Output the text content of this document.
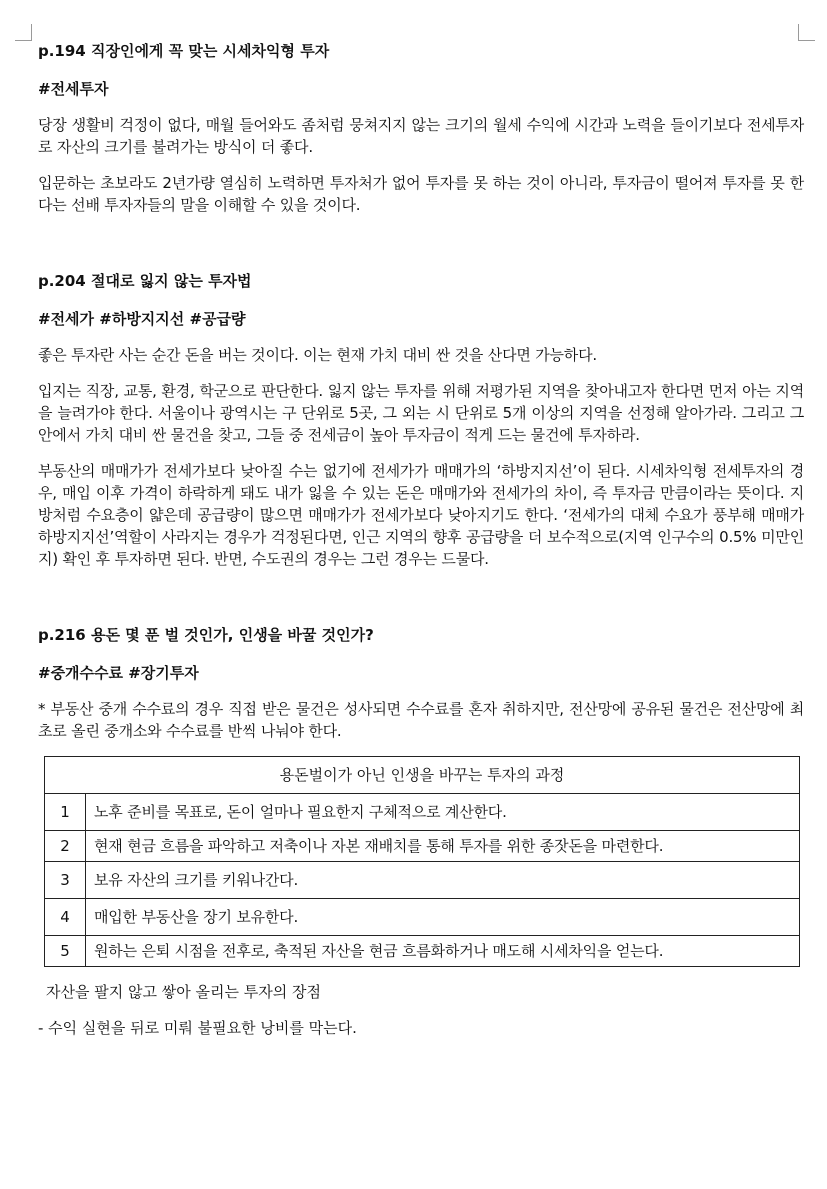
p.194 직장인에게 꼭 맞는 시세차익형 투자
#전세투자

당장 생활비 걱정이 없다, 매월 들어와도 좀처럼 뭉쳐지지 않는 크기의 월세 수익에 시간과 노력을 들이기보다 전세투자로 자산의 크기를 불려가는 방식이 더 좋다.

입문하는 초보라도 2년가량 열심히 노력하면 투자처가 없어 투자를 못 하는 것이 아니라, 투자금이 떨어져 투자를 못 한다는 선배 투자자들의 말을 이해할 수 있을 것이다.

p.204 절대로 잃지 않는 투자법
#전세가 #하방지지선 #공급량

좋은 투자란 사는 순간 돈을 버는 것이다. 이는 현재 가치 대비 싼 것을 산다면 가능하다.

입지는 직장, 교통, 환경, 학군으로 판단한다. 잃지 않는 투자를 위해 저평가된 지역을 찾아내고자 한다면 먼저 아는 지역을 늘려가야 한다. 서울이나 광역시는 구 단위로 5곳, 그 외는 시 단위로 5개 이상의 지역을 선정해 알아가라. 그리고 그 안에서 가치 대비 싼 물건을 찾고, 그들 중 전세금이 높아 투자금이 적게 드는 물건에 투자하라.

부동산의 매매가가 전세가보다 낮아질 수는 없기에 전세가가 매매가의 ‘하방지지선’이 된다. 시세차익형 전세투자의 경우, 매입 이후 가격이 하락하게 돼도 내가 잃을 수 있는 돈은 매매가와 전세가의 차이, 즉 투자금 만큼이라는 뜻이다. 지방처럼 수요층이 얇은데 공급량이 많으면 매매가가 전세가보다 낮아지기도 한다. ‘전세가의 대체 수요가 풍부해 매매가 하방지지선’역할이 사라지는 경우가 걱정된다면, 인근 지역의 향후 공급량을 더 보수적으로(지역 인구수의 0.5% 미만인지) 확인 후 투자하면 된다. 반면, 수도권의 경우는 그런 경우는 드물다.

p.216 용돈 몇 푼 벌 것인가, 인생을 바꿀 것인가?
#중개수수료 #장기투자

* 부동산 중개 수수료의 경우 직접 받은 물건은 성사되면 수수료를 혼자 취하지만, 전산망에 공유된 물건은 전산망에 최초로 올린 중개소와 수수료를 반씩 나눠야 한다.

용돈벌이가 아닌 인생을 바꾸는 투자의 과정	
1	노후 준비를 목표로, 돈이 얼마나 필요한지 구체적으로 계산한다.
2	현재 현금 흐름을 파악하고 저축이나 자본 재배치를 통해 투자를 위한 종잣돈을 마련한다.
3	보유 자산의 크기를 키워나간다.
4	매입한 부동산을 장기 보유한다.
5	원하는 은퇴 시점을 전후로, 축적된 자산을 현금 흐름화하거나 매도해 시세차익을 얻는다.
자산을 팔지 않고 쌓아 올리는 투자의 장점
- 수익 실현을 뒤로 미뤄 불필요한 낭비를 막는다.
